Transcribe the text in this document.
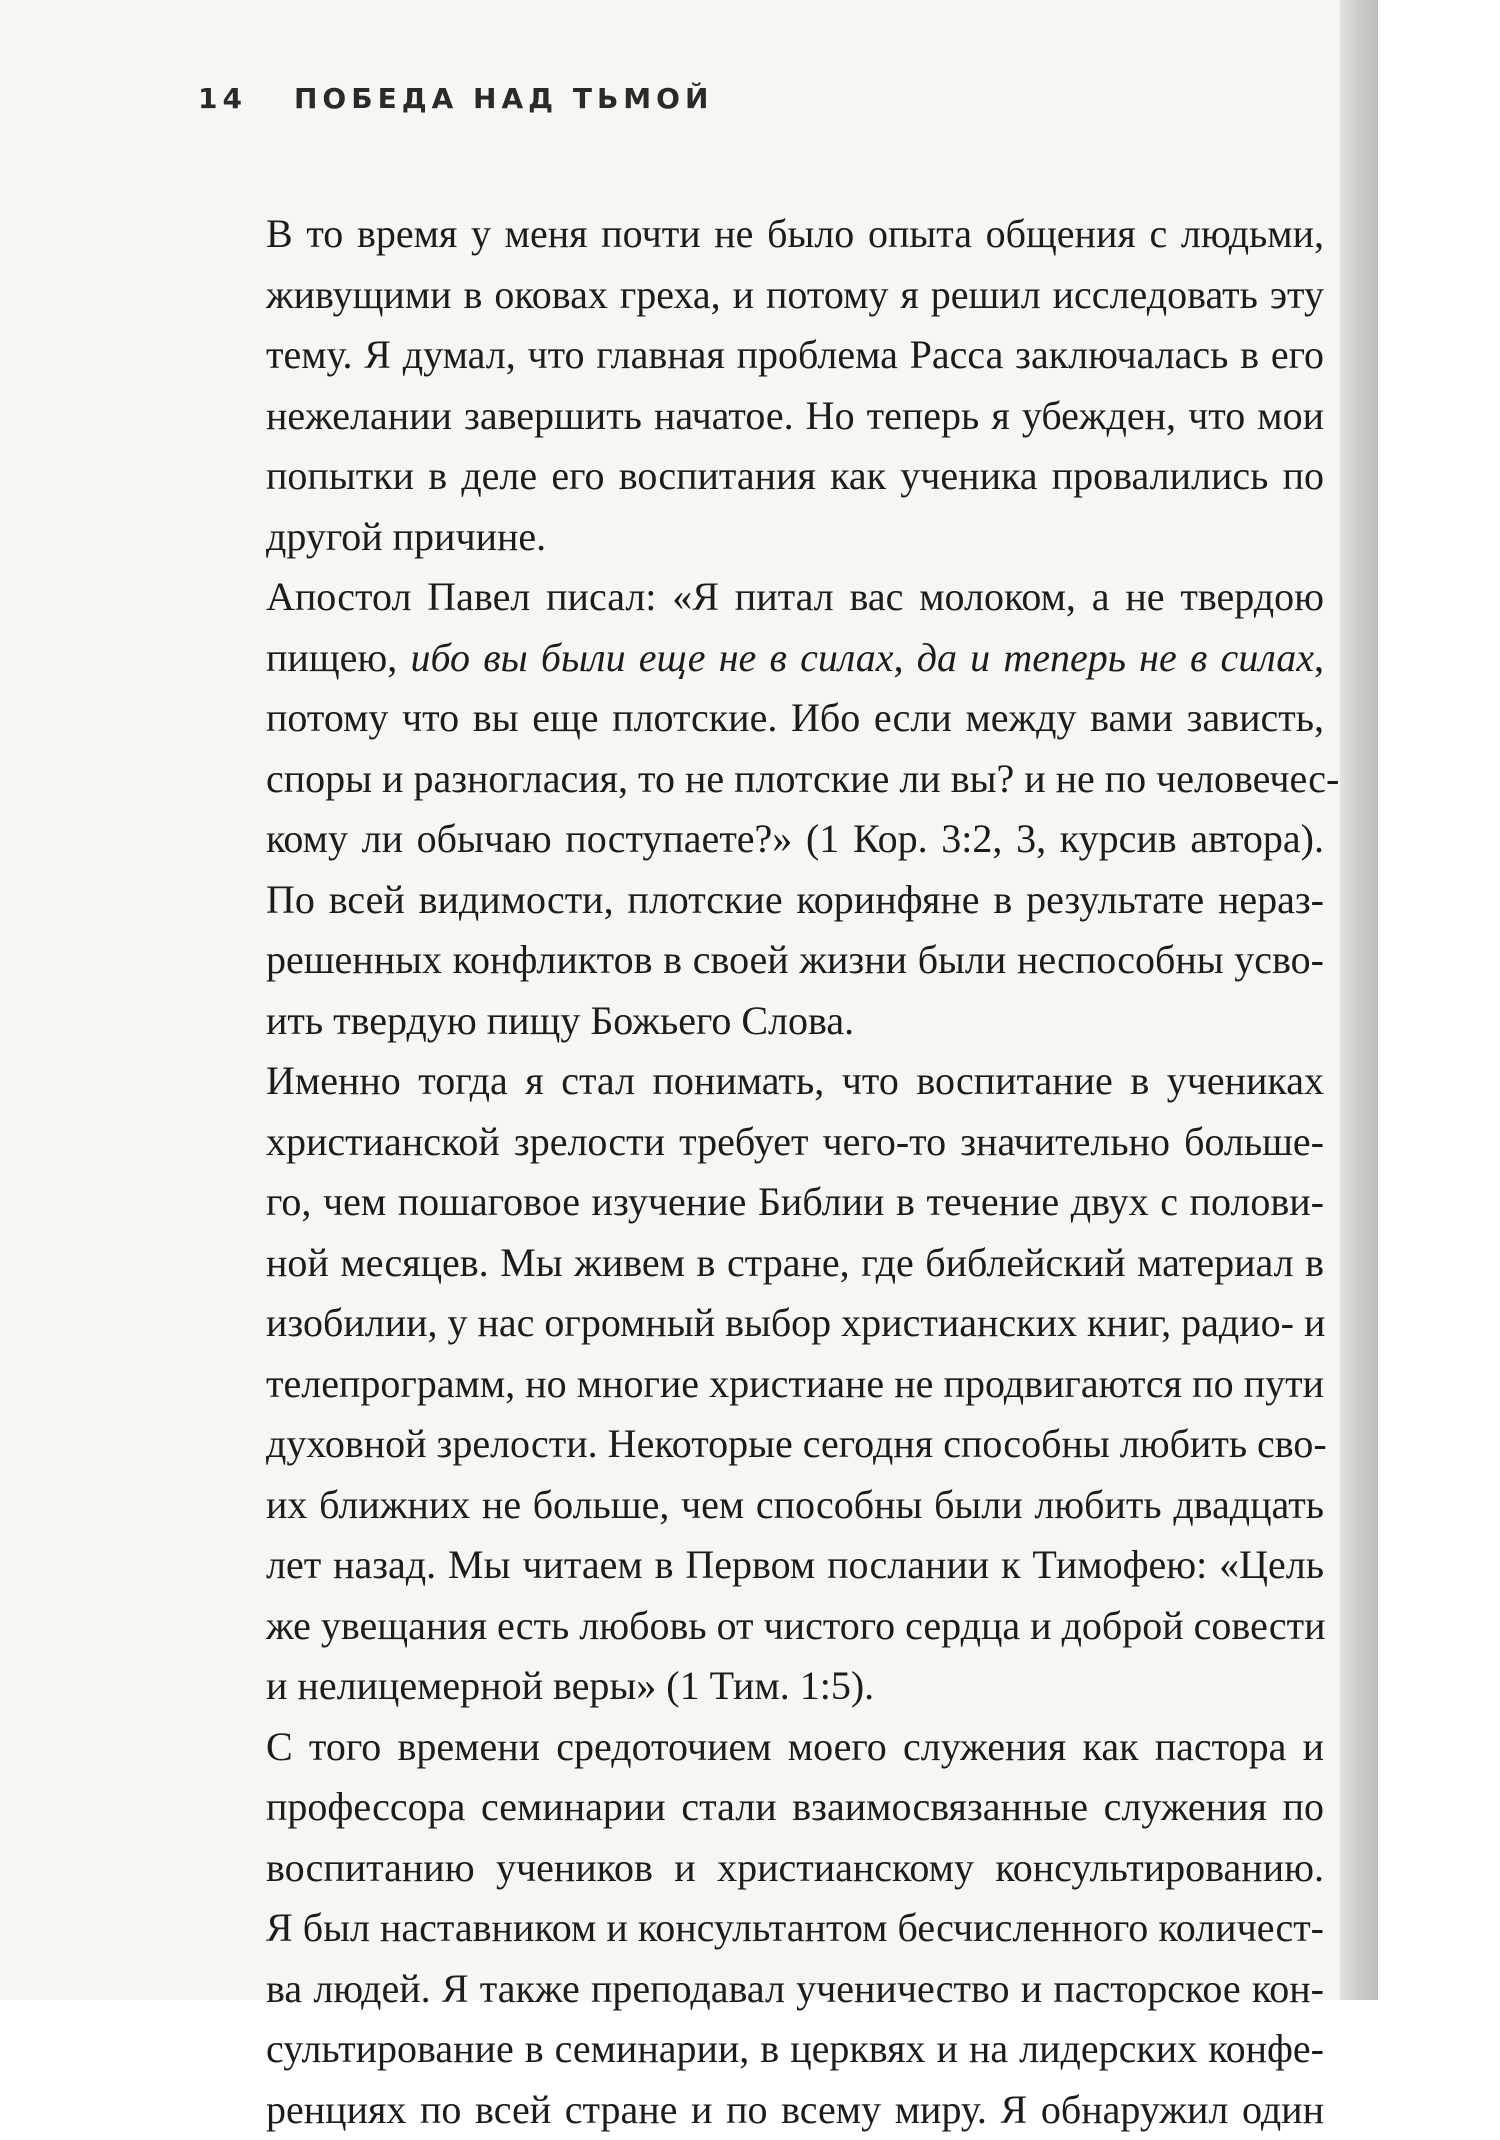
14 ПОБЕДА НАД ТЬМОЙ

В то время у меня почти не было опыта общения с людьми,
живущими в оковах греха, и потому я решил исследовать эту
тему. Я думал, что главная проблема Расса заключалась в его
нежелании завершить начатое. Но теперь я убежден, что мои
попытки в деле его воспитания как ученика провалились по
другой причине.

Апостол Павел писал: «Я питал вас молоком, а не твердою
пищею, ибо вы были еще не в силах, да и теперь не в силах,
потому что вы еще плотские. Ибо если между вами зависть,
споры и разногласия, то не плотские ли вы? и не по человечес-
кому ли обычаю поступаете?» (1 Кор. 3:2, 3, курсив автора).
По всей видимости, плотские коринфяне в результате нераз-
решенных конфликтов в своей жизни были неспособны усво-
ить твердую пищу Божьего Слова.

Именно тогда я стал понимать, что воспитание в учениках
христианской зрелости требует чего-то значительно больше-
го, чем пошаговое изучение Библии в течение двух с полови-
ной месяцев. Мы живем в стране, где библейский материал в
изобилии, у нас огромный выбор христианских книг, радио- и
телепрограмм, но многие христиане не продвигаются по пути
духовной зрелости. Некоторые сегодня способны любить сво-
их ближних не больше, чем способны были любить двадцать
лет назад. Мы читаем в Первом послании к Тимофею: «Цель
же увещания есть любовь от чистого сердца и доброй совести
и нелицемерной веры» (1 Тим. 1:5).

С того времени средоточием моего служения как пастора и
профессора семинарии стали взаимосвязанные служения по
воспитанию учеников и христианскому консультированию.
Я был наставником и консультантом бесчисленного количест-
ва людей. Я также преподавал ученичество и пасторское кон-
сультирование в семинарии, в церквях и на лидерских конфе-
ренциях по всей стране и по всему миру. Я обнаружил один
